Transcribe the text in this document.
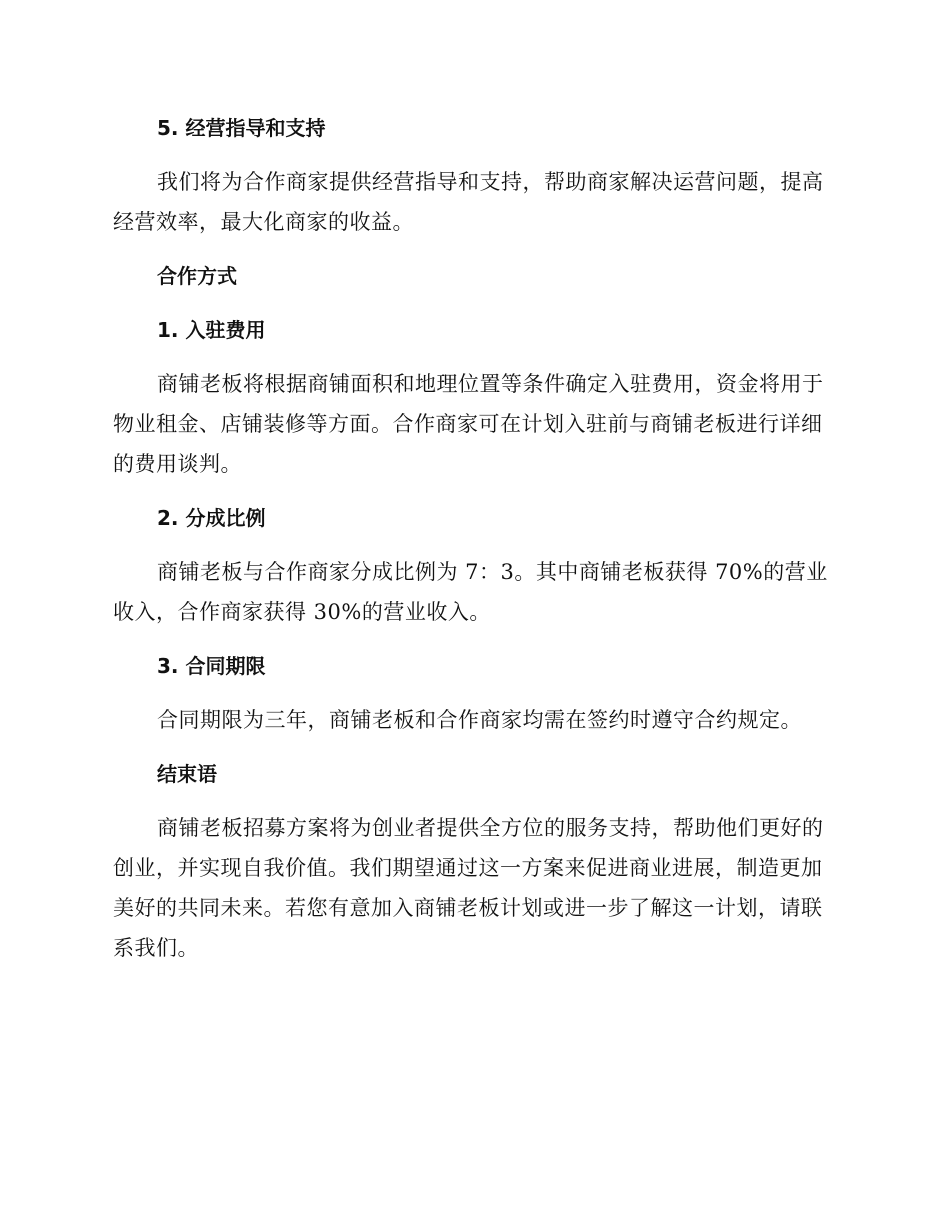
5. 经营指导和支持

我们将为合作商家提供经营指导和支持，帮助商家解决运营问题，提高经营效率，最大化商家的收益。

合作方式
1. 入驻费用

商铺老板将根据商铺面积和地理位置等条件确定入驻费用，资金将用于物业租金、店铺装修等方面。合作商家可在计划入驻前与商铺老板进行详细的费用谈判。

2. 分成比例

商铺老板与合作商家分成比例为 7：3。其中商铺老板获得 70%的营业收入，合作商家获得 30%的营业收入。

3. 合同期限

合同期限为三年，商铺老板和合作商家均需在签约时遵守合约规定。

结束语

商铺老板招募方案将为创业者提供全方位的服务支持，帮助他们更好的创业，并实现自我价值。我们期望通过这一方案来促进商业进展，制造更加美好的共同未来。若您有意加入商铺老板计划或进一步了解这一计划，请联系我们。
